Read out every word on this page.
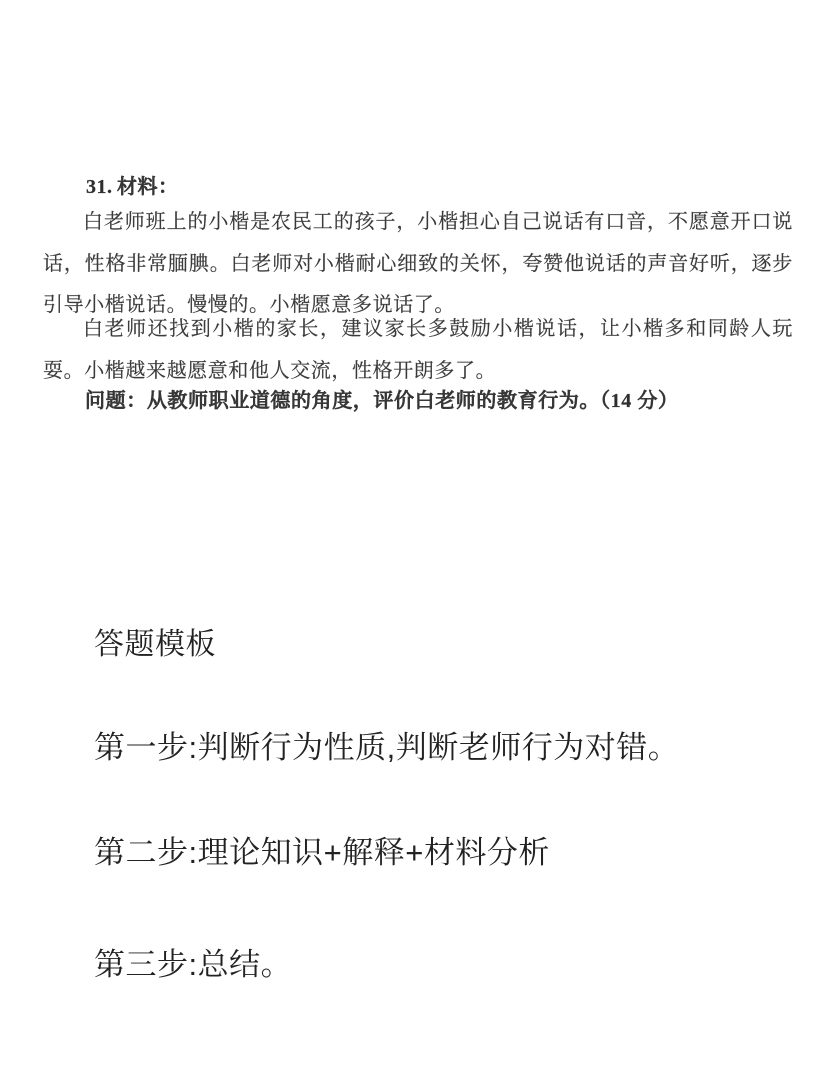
31.  材料：

白老师班上的小楷是农民工的孩子，小楷担心自己说话有口音，不愿意开口说话，性格非常腼腆。白老师对小楷耐心细致的关怀，夸赞他说话的声音好听，逐步引导小楷说话。慢慢的。小楷愿意多说话了。

白老师还找到小楷的家长，建议家长多鼓励小楷说话，让小楷多和同龄人玩耍。小楷越来越愿意和他人交流，性格开朗多了。

问题：从教师职业道德的角度，评价白老师的教育行为。（14 分）
答题模板
第一步:判断行为性质,判断老师行为对错。
第二步:理论知识+解释+材料分析
第三步:总结。
